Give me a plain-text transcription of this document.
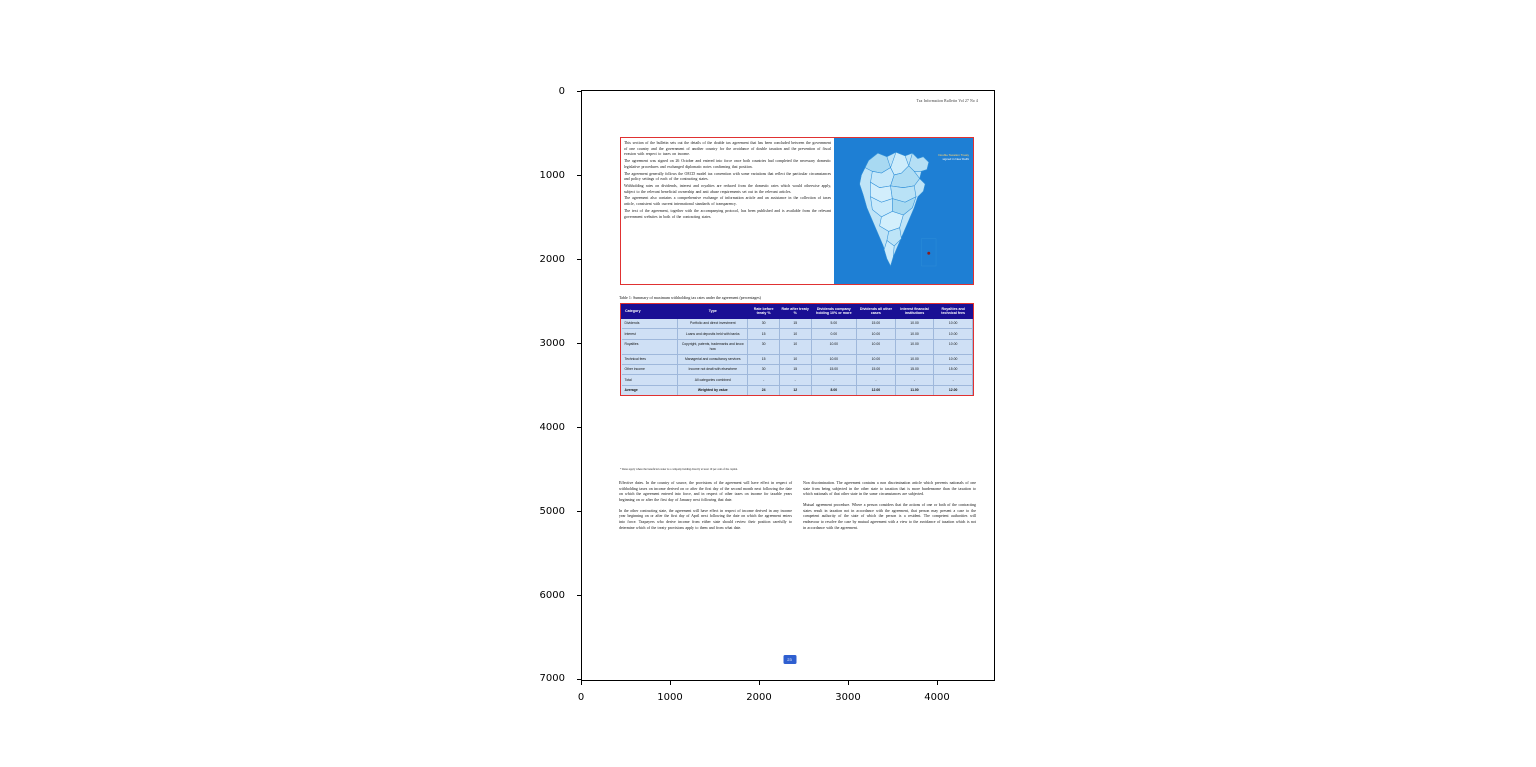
0
1000
2000
3000
4000
5000
6000
7000
0	1000	2000	3000	4000
Tax Information Bulletin Vol 27 No 4

This section of the bulletin sets out the details of the double tax agreement that has been concluded between the government of one country and the government of another country for the avoidance of double taxation and the prevention of fiscal evasion with respect to taxes on income.

The agreement was signed on 26 October and entered into force once both countries had completed the necessary domestic legislative procedures and exchanged diplomatic notes confirming that position.

The agreement generally follows the OECD model tax convention with some variations that reflect the particular circumstances and policy settings of each of the contracting states.

Withholding rates on dividends, interest and royalties are reduced from the domestic rates which would otherwise apply, subject to the relevant beneficial ownership and anti abuse requirements set out in the relevant articles.

The agreement also contains a comprehensive exchange of information article and an assistance in the collection of taxes article, consistent with current international standards of transparency.

The text of the agreement, together with the accompanying protocol, has been published and is available from the relevant government websites in both of the contracting states.

Double Taxation Treaty
signed in New Delhi
Table 1: Summary of maximum withholding tax rates under the agreement (percentages)
Category	Type	Rate before treaty %	Rate after treaty %	Dividends company holding 10% or more	Dividends all other cases	Interest financial institutions	Royalties and technical fees
Dividends	Portfolio and direct investment	30	15	5.00	15.00	10.00	10.00
Interest	Loans and deposits held with banks	15	10	0.00	10.00	10.00	10.00
Royalties	Copyright, patents, trademarks and know how	30	10	10.00	10.00	10.00	10.00
Technical fees	Managerial and consultancy services	15	10	10.00	10.00	10.00	10.00
Other income	Income not dealt with elsewhere	30	15	15.00	15.00	15.00	15.00
Total	All categories combined	-	-	-	-	-	-
Average	Weighted by value	24	12	8.00	12.00	11.00	12.00
* Rates apply where the beneficial owner is a company holding directly at least 10 per cent of the capital.

Effective dates. In the country of source, the provisions of the agreement will have effect in respect of withholding taxes on income derived on or after the first day of the second month next following the date on which the agreement entered into force, and in respect of other taxes on income for taxable years beginning on or after the first day of January next following that date.

In the other contracting state, the agreement will have effect in respect of income derived in any income year beginning on or after the first day of April next following the date on which the agreement enters into force. Taxpayers who derive income from either state should review their position carefully to determine which of the treaty provisions apply to them and from what date.

Non discrimination. The agreement contains a non discrimination article which prevents nationals of one state from being subjected in the other state to taxation that is more burdensome than the taxation to which nationals of that other state in the same circumstances are subjected.

Mutual agreement procedure. Where a person considers that the actions of one or both of the contracting states result in taxation not in accordance with the agreement, that person may present a case to the competent authority of the state of which the person is a resident. The competent authorities will endeavour to resolve the case by mutual agreement with a view to the avoidance of taxation which is not in accordance with the agreement.

23
